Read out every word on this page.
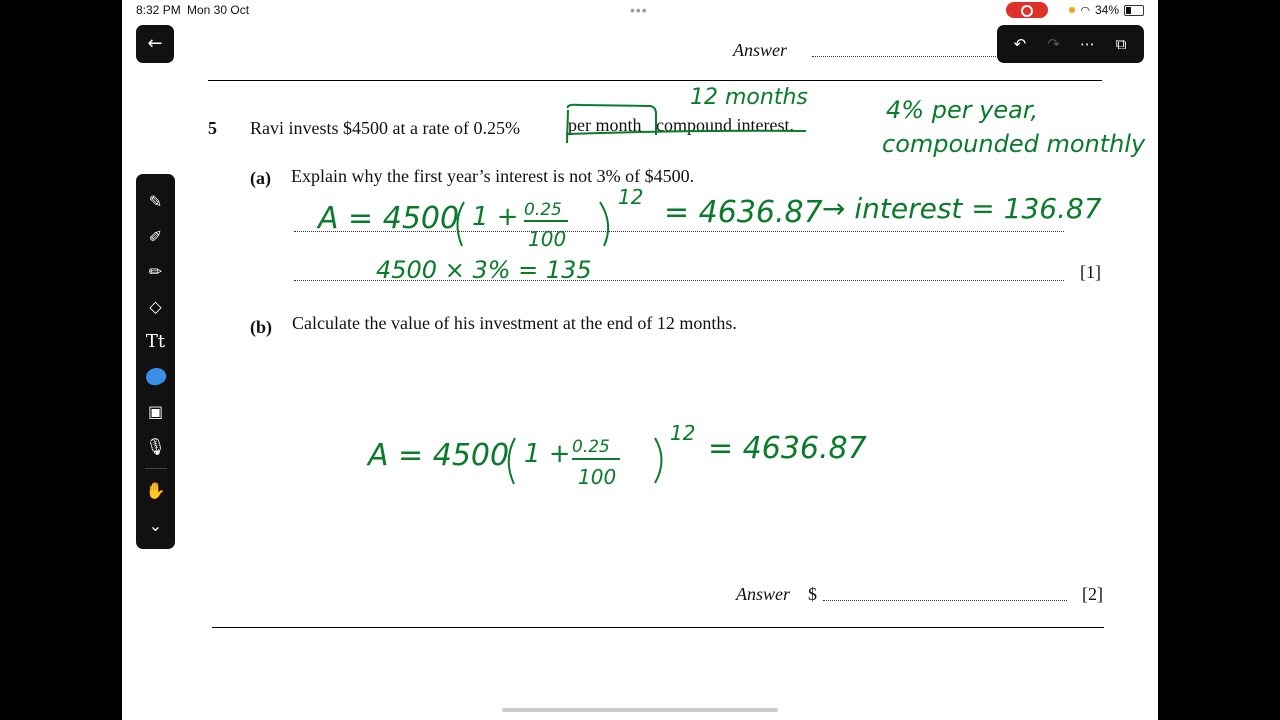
8:32 PM Mon 30 Oct	•••	◠ 34%
←	↶	↷	⋯	⧉
✎
✐
✏
◇
Tt
▣
🎙
✋
⌄
Answer
5 Ravi invests $4500 at a rate of 0.25%	per month compound interest.
(a) Explain why the first year’s interest is not 3% of $4500.
[1]
(b) Calculate the value of his investment at the end of 12 months.
Answer $	[2]
12 months	4% per year,
compounded monthly
A = 4500 1 + 0.25
100
12 = 4636.87 → interest = 136.87
4500 × 3% = 135
A = 4500 1 + 0.25
100
12 = 4636.87
